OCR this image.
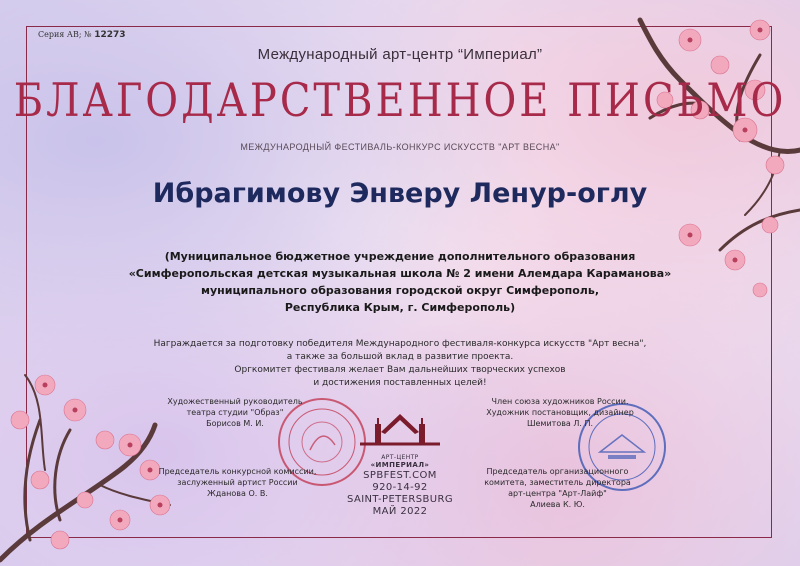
Серия АВ; № 12273
Международный арт-центр “Империал”
БЛАГОДАРСТВЕННОЕ ПИСЬМО
МЕЖДУНАРОДНЫЙ ФЕСТИВАЛЬ-КОНКУРС ИСКУССТВ "АРТ ВЕСНА"
Ибрагимову Энверу Ленур-оглу
(Муниципальное бюджетное учреждение дополнительного образования
«Симферопольская детская музыкальная школа № 2 имени Алемдара Караманова»
муниципального образования городской округ Симферополь,
Республика Крым, г. Симферополь)
Награждается за подготовку победителя Международного фестиваля-конкурса искусств "Арт весна",
а также за большой вклад в развитие проекта.
Оргкомитет фестиваля желает Вам дальнейших творческих успехов
и достижения поставленных целей!
Художественный руководитель
театра студии "Образ"
Борисов М. И.
Член союза художников России.
Художник постановщик, дизайнер
Шемитова Л. П.
Председатель конкурсной комиссии,
заслуженный артист России
Жданова О. В.
Председатель организационного
комитета, заместитель директора
арт-центра "Арт-Лайф"
Алиева К. Ю.
АРТ-ЦЕНТР
«ИМПЕРИАЛ»
SPBFEST.COM
920-14-92
SAINT-PETERSBURG
МАЙ 2022
